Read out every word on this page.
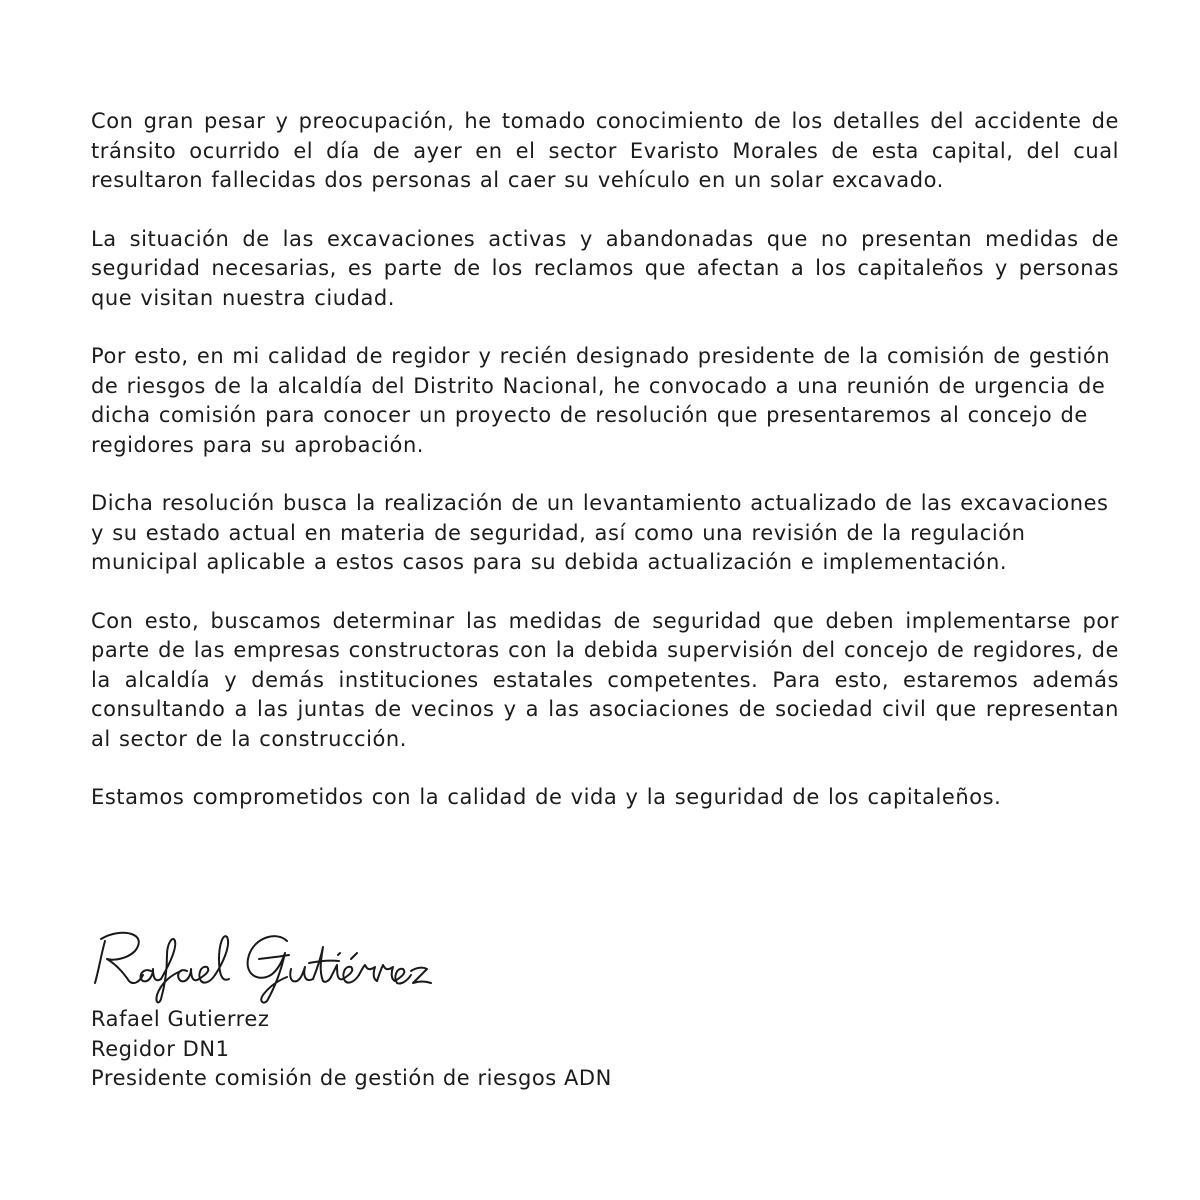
Con gran pesar y preocupación, he tomado conocimiento de los detalles del accidente de tránsito ocurrido el día de ayer en el sector Evaristo Morales de esta capital, del cual resultaron fallecidas dos personas al caer su vehículo en un solar excavado.

La situación de las excavaciones activas y abandonadas que no presentan medidas de seguridad necesarias, es parte de los reclamos que afectan a los capitaleños y personas que visitan nuestra ciudad.

Por esto, en mi calidad de regidor y recién designado presidente de la comisión de gestión de riesgos de la alcaldía del Distrito Nacional, he convocado a una reunión de urgencia de dicha comisión para conocer un proyecto de resolución que presentaremos al concejo de regidores para su aprobación.

Dicha resolución busca la realización de un levantamiento actualizado de las excavaciones y su estado actual en materia de seguridad, así como una revisión de la regulación municipal aplicable a estos casos para su debida actualización e implementación.

Con esto, buscamos determinar las medidas de seguridad que deben implementarse por parte de las empresas constructoras con la debida supervisión del concejo de regidores, de la alcaldía y demás instituciones estatales competentes. Para esto, estaremos además consultando a las juntas de vecinos y a las asociaciones de sociedad civil que representan al sector de la construcción.

Estamos comprometidos con la calidad de vida y la seguridad de los capitaleños.

Rafael Gutierrez
Regidor DN1
Presidente comisión de gestión de riesgos ADN
